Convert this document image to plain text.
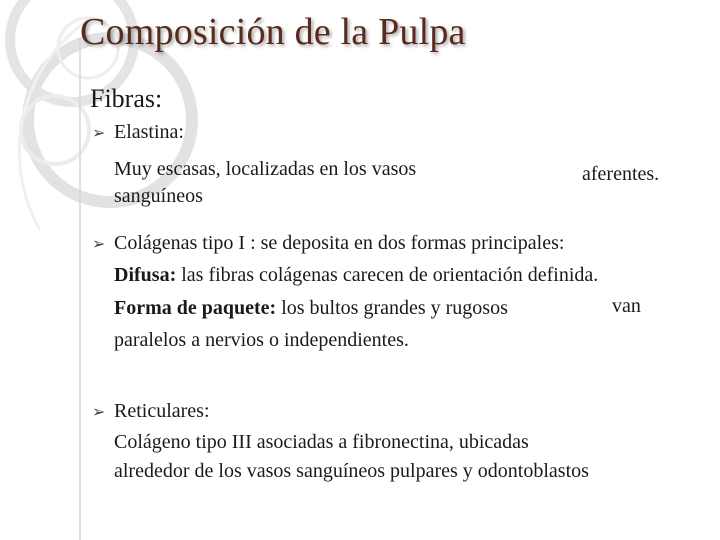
Composición de la Pulpa
Fibras:
➢ Elastina:
Muy escasas, localizadas en los vasos	aferentes.
sanguíneos
➢ Colágenas tipo I : se deposita en dos formas principales:
Difusa: las fibras colágenas carecen de orientación definida.
Forma de paquete: los bultos grandes y rugosos	van
paralelos a nervios o independientes.
➢ Reticulares:
Colágeno tipo III asociadas a fibronectina, ubicadas
alrededor de los vasos sanguíneos pulpares y odontoblastos
